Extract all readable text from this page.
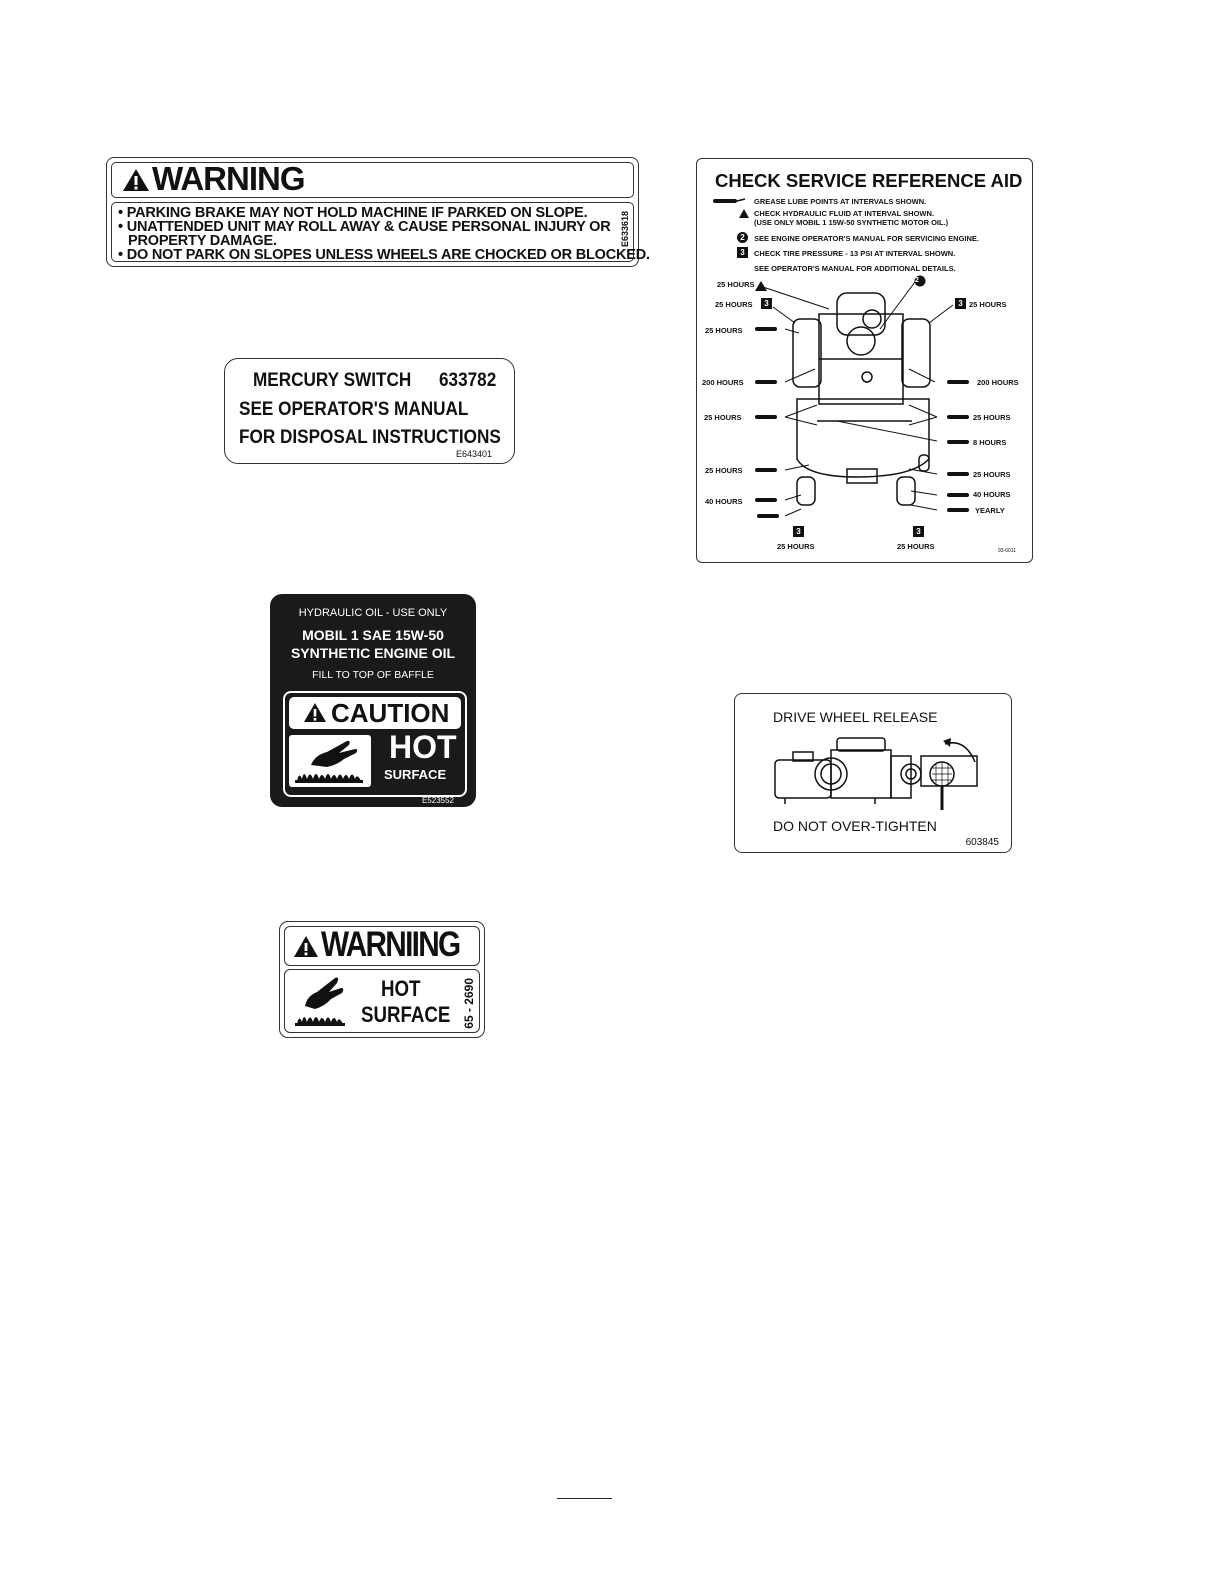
WARNING
• PARKING BRAKE MAY NOT HOLD MACHINE IF PARKED ON SLOPE.
• UNATTENDED UNIT MAY ROLL AWAY & CAUSE PERSONAL INJURY OR
PROPERTY DAMAGE.
• DO NOT PARK ON SLOPES UNLESS WHEELS ARE CHOCKED OR BLOCKED.
E633618
MERCURY SWITCH 633782
SEE OPERATOR'S MANUAL
FOR DISPOSAL INSTRUCTIONS
E643401
HYDRAULIC OIL - USE ONLY
MOBIL 1 SAE 15W-50
SYNTHETIC ENGINE OIL
FILL TO TOP OF BAFFLE
CAUTION
HOT
SURFACE
E523552
CHECK SERVICE REFERENCE AID
GREASE LUBE POINTS AT INTERVALS SHOWN.
CHECK HYDRAULIC FLUID AT INTERVAL SHOWN.
(USE ONLY MOBIL 1 15W-50 SYNTHETIC MOTOR OIL.)
2	SEE ENGINE OPERATOR'S MANUAL FOR SERVICING ENGINE.
3	CHECK TIRE PRESSURE - 13 PSI AT INTERVAL SHOWN.
SEE OPERATOR'S MANUAL FOR ADDITIONAL DETAILS.
2
25 HOURS
25 HOURS	3	3 25 HOURS
25 HOURS
200 HOURS	200 HOURS
25 HOURS	25 HOURS
8 HOURS
25 HOURS	25 HOURS
40 HOURS
40 HOURS
YEARLY
3	3
25 HOURS	25 HOURS	93-6011
DRIVE WHEEL RELEASE
DO NOT OVER-TIGHTEN
603845
WARNIING
HOT
SURFACE 65 - 2690
